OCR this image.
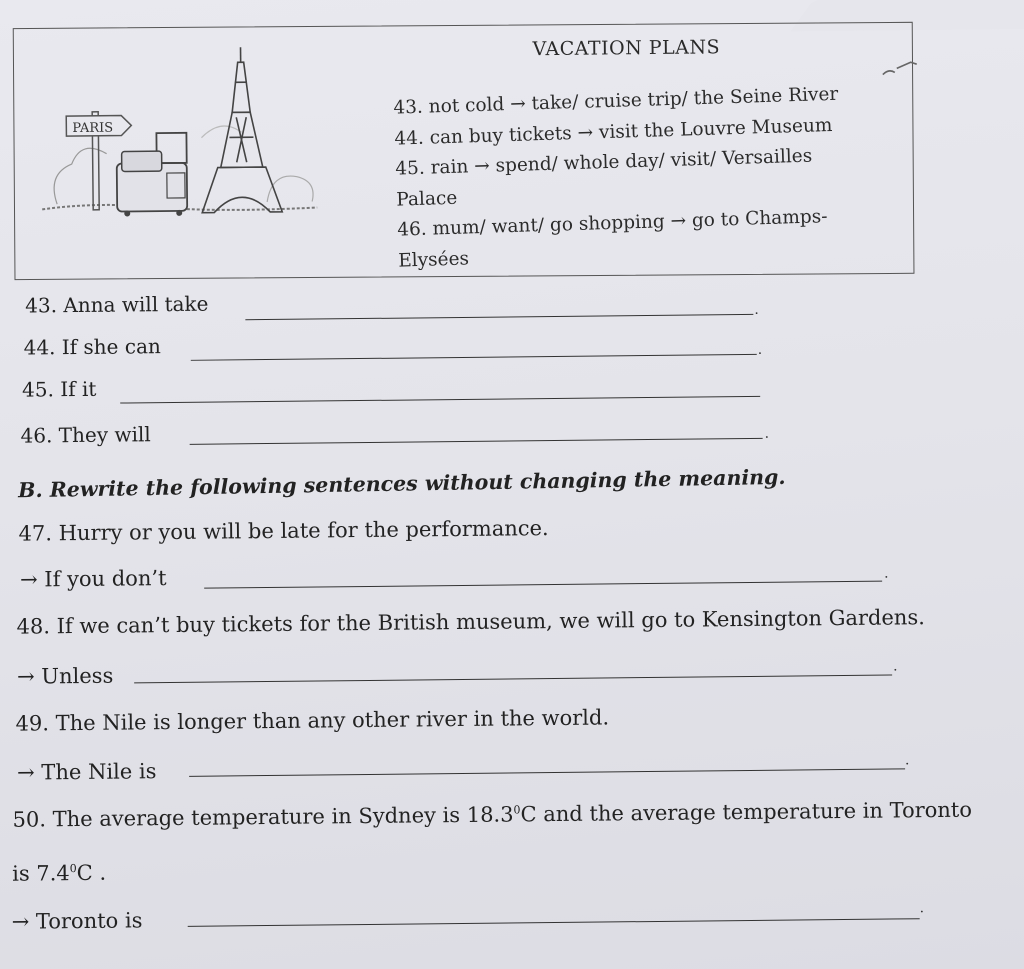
PARIS
VACATION PLANS
43. not cold → take/ cruise trip/ the Seine River
44. can buy tickets → visit the Louvre Museum
45. rain → spend/ whole day/ visit/ Versailles
Palace
46. mum/ want/ go shopping → go to Champs-
Elysées
43. Anna will take	.
44. If she can	.
45. If it
46. They will	.
B. Rewrite the following sentences without changing the meaning.
47. Hurry or you will be late for the performance.
→ If you don’t	.
48. If we can’t buy tickets for the British museum, we will go to Kensington Gardens.
→ Unless	.
49. The Nile is longer than any other river in the world.
→ The Nile is	.
50. The average temperature in Sydney is 18.3$^0$C and the average temperature in Toronto
is $7.4^0C$ .
→ Toronto is
.
